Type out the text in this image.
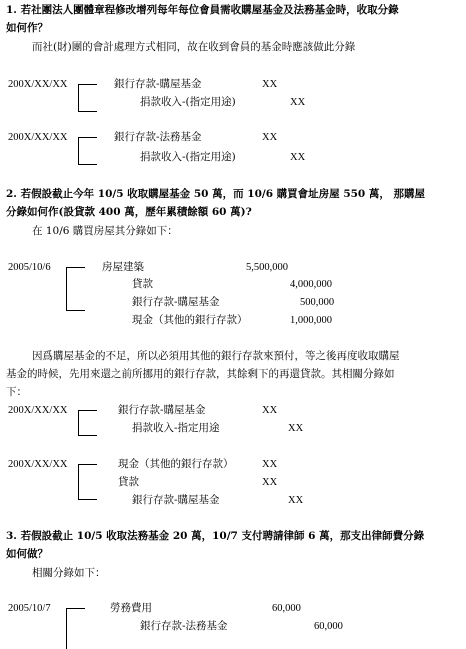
1. 若社團法人團體章程修改增列每年每位會員需收購屋基金及法務基金時，收取分錄
如何作？
而社(財)團的會計處理方式相同，故在收到會員的基金時應該做此分錄
200X/XX/XX	銀行存款-購屋基金	XX
捐款收入-(指定用途)	XX
200X/XX/XX	銀行存款-法務基金	XX
捐款收入-(指定用途)	XX
2. 若假設截止今年 10/5 收取購屋基金 50 萬，而 10/6 購買會址房屋 550 萬， 那購屋
分錄如何作(設貸款 400 萬，歷年累積餘額 60 萬)?
在 10/6 購買房屋其分錄如下：
2005/10/6	房屋建築	5,500,000
貸款	4,000,000
銀行存款-購屋基金	500,000
現金（其他的銀行存款）	1,000,000
因爲購屋基金的不足，所以必須用其他的銀行存款來預付，等之後再度收取購屋
基金的時候，先用來還之前所挪用的銀行存款，其餘剩下的再還貸款。其相關分錄如
下：
200X/XX/XX	銀行存款-購屋基金	XX
捐款收入-指定用途	XX
200X/XX/XX	現金（其他的銀行存款）	XX
貸款	XX
銀行存款-購屋基金	XX
3. 若假設截止 10/5 收取法務基金 20 萬，10/7 支付聘請律師 6 萬，那支出律師費分錄
如何做？
相關分錄如下：
2005/10/7	勞務費用	60,000
銀行存款-法務基金	60,000
